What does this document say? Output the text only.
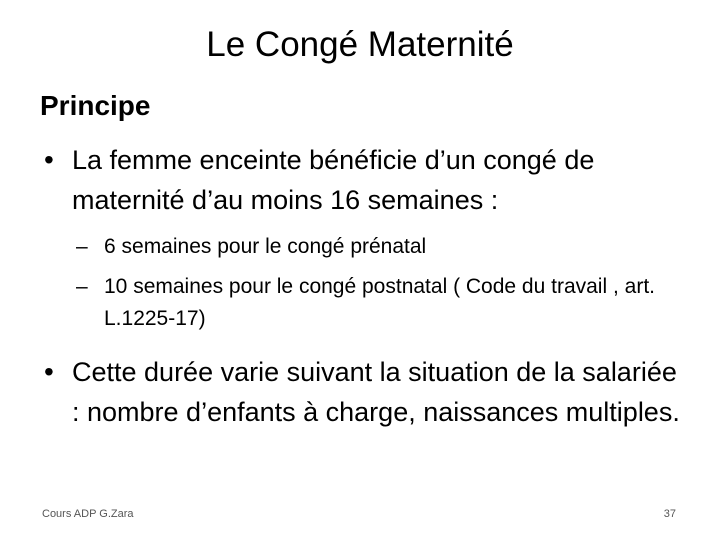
Le Congé Maternité
Principe
• La femme enceinte bénéficie d’un congé de maternité d’au moins 16 semaines :
– 6 semaines pour le congé prénatal
– 10 semaines pour le congé postnatal ( Code du travail , art. L.1225-17)
• Cette durée varie suivant la situation de la salariée : nombre d’enfants à charge, naissances multiples.
Cours ADP G.Zara	37
